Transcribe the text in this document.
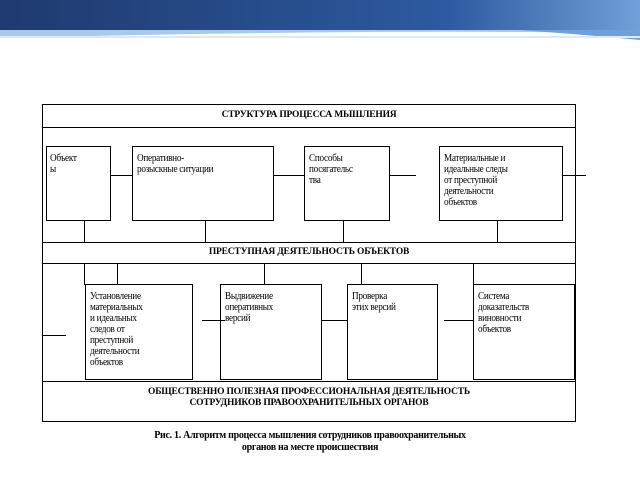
СТРУКТУРА ПРОЦЕССА МЫШЛЕНИЯ
Объект
ы
Оперативно-
розыскные ситуации
Способы
посягательс
тва
Материальные и
идеальные следы
от преступной
деятельности
объектов
ПРЕСТУПНАЯ ДЕЯТЕЛЬНОСТЬ ОБЪЕКТОВ
Установление
материальных
и идеальных
следов от
преступной
деятельности
объектов
Выдвижение
оперативных
версий
Проверка
этих версий
Система
доказательств
виновности
объектов
ОБЩЕСТВЕННО ПОЛЕЗНАЯ ПРОФЕССИОНАЛЬНАЯ ДЕЯТЕЛЬНОСТЬ
СОТРУДНИКОВ ПРАВООХРАНИТЕЛЬНЫХ ОРГАНОВ
Рис. 1. Алгоритм процесса мышления сотрудников правоохранительных
органов на месте происшествия
